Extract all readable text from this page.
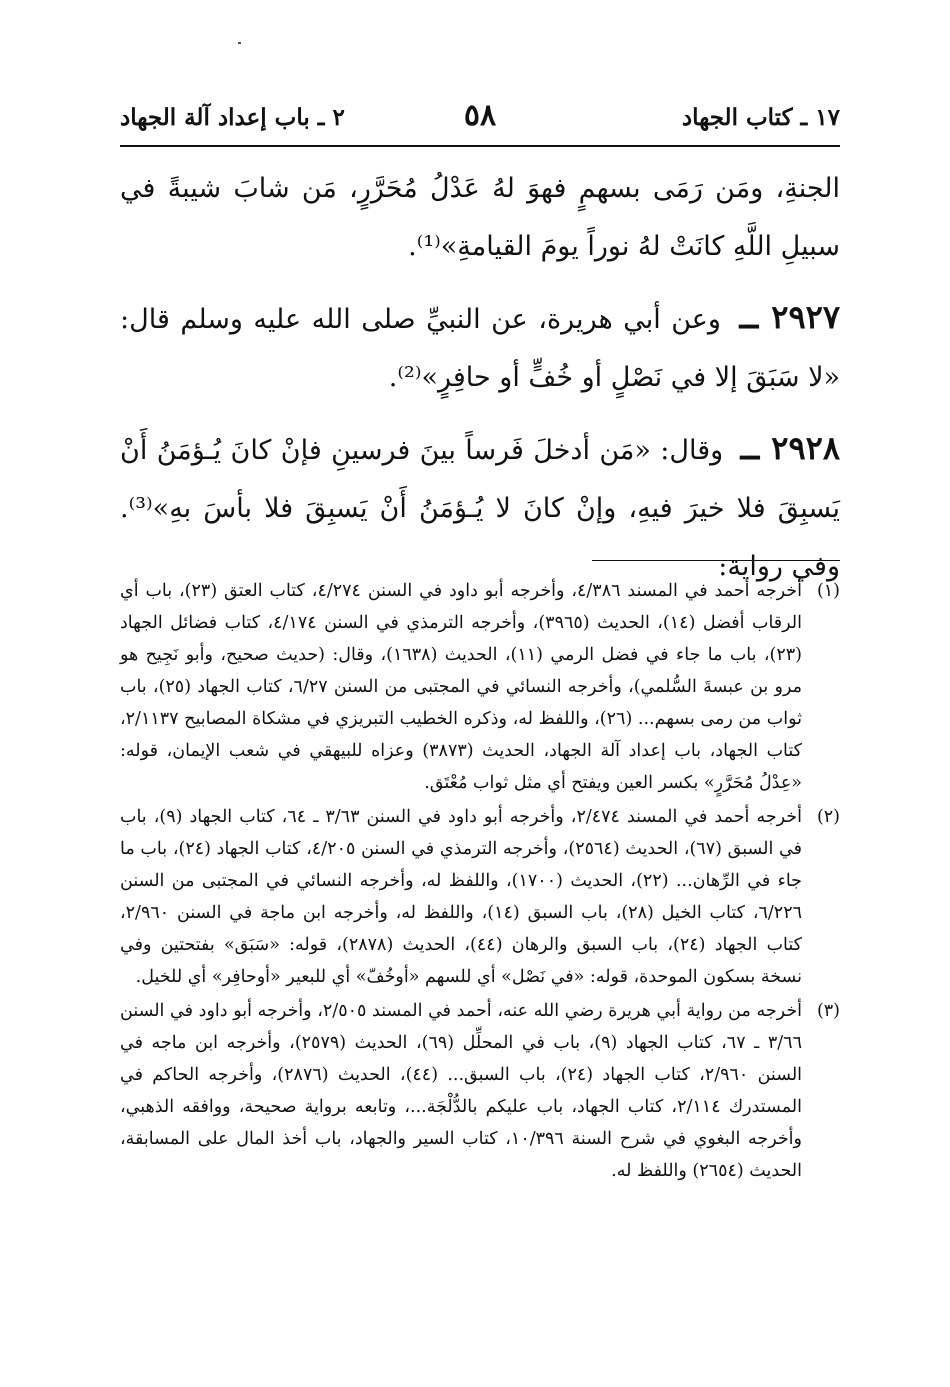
١٧ ـ كتاب الجهاد
٥٨
٢ ـ باب إعداد آلة الجهاد

الجنةِ، ومَن رَمَى بسهمٍ فهوَ لهُ عَدْلُ مُحَرَّرٍ، مَن شابَ شيبةً في سبيلِ اللَّهِ كانَتْ لهُ نوراً يومَ القيامةِ»⁽¹⁾.

٢٩٢٧ ــ وعن أبي هريرة، عن النبيِّ صلى الله عليه وسلم قال: «لا سَبَقَ إلا في نَصْلٍ أو خُفٍّ أو حافِرٍ»⁽²⁾.

٢٩٢٨ ــ وقال: «مَن أدخلَ فَرساً بينَ فرسينِ فإنْ كانَ يُـؤمَنُ أَنْ يَسبِقَ فلا خيرَ فيهِ، وإنْ كانَ لا يُـؤمَنُ أَنْ يَسبِقَ فلا بأسَ بهِ»⁽³⁾. وفي رواية:

(١)
أخرجه أحمد في المسند ٤/٣٨٦، وأخرجه أبو داود في السنن ٤/٢٧٤، كتاب العتق (٢٣)، باب أي الرقاب أفضل (١٤)، الحديث (٣٩٦٥)، وأخرجه الترمذي في السنن ٤/١٧٤، كتاب فضائل الجهاد (٢٣)، باب ما جاء في فضل الرمي (١١)، الحديث (١٦٣٨)، وقال: (حديث صحيح، وأبو نَجِيح هو مرو بن عبسةَ السُّلمي)، وأخرجه النسائي في المجتبى من السنن ٦/٢٧، كتاب الجهاد (٢٥)، باب ثواب من رمى بسهم... (٢٦)، واللفظ له، وذكره الخطيب التبريزي في مشكاة المصابيح ٢/١١٣٧، كتاب الجهاد، باب إعداد آلة الجهاد، الحديث (٣٨٧٣) وعزاه للبيهقي في شعب الإيمان، قوله: «عِدْلُ مُحَرَّرٍ» بكسر العين ويفتح أي مثل ثواب مُعْتَق.
(٢)
أخرجه أحمد في المسند ٢/٤٧٤، وأخرجه أبو داود في السنن ٣/٦٣ ـ ٦٤، كتاب الجهاد (٩)، باب في السبق (٦٧)، الحديث (٢٥٦٤)، وأخرجه الترمذي في السنن ٤/٢٠٥، كتاب الجهاد (٢٤)، باب ما جاء في الرِّهان... (٢٢)، الحديث (١٧٠٠)، واللفظ له، وأخرجه النسائي في المجتبى من السنن ٦/٢٢٦، كتاب الخيل (٢٨)، باب السبق (١٤)، واللفظ له، وأخرجه ابن ماجة في السنن ٢/٩٦٠، كتاب الجهاد (٢٤)، باب السبق والرهان (٤٤)، الحديث (٢٨٧٨)، قوله: «سَبَق» بفتحتين وفي نسخة بسكون الموحدة، قوله: «في نَصْل» أي للسهم «أوخُفّ» أي للبعير «أوحافِر» أي للخيل.
(٣)
أخرجه من رواية أبي هريرة رضي الله عنه، أحمد في المسند ٢/٥٠٥، وأخرجه أبو داود في السنن ٣/٦٦ ـ ٦٧، كتاب الجهاد (٩)، باب في المحلِّل (٦٩)، الحديث (٢٥٧٩)، وأخرجه ابن ماجه في السنن ٢/٩٦٠، كتاب الجهاد (٢٤)، باب السبق... (٤٤)، الحديث (٢٨٧٦)، وأخرجه الحاكم في المستدرك ٢/١١٤، كتاب الجهاد، باب عليكم بالدُّلْجَة...، وتابعه برواية صحيحة، ووافقه الذهبي، وأخرجه البغوي في شرح السنة ١٠/٣٩٦، كتاب السير والجهاد، باب أخذ المال على المسابقة، الحديث (٢٦٥٤) واللفظ له.
